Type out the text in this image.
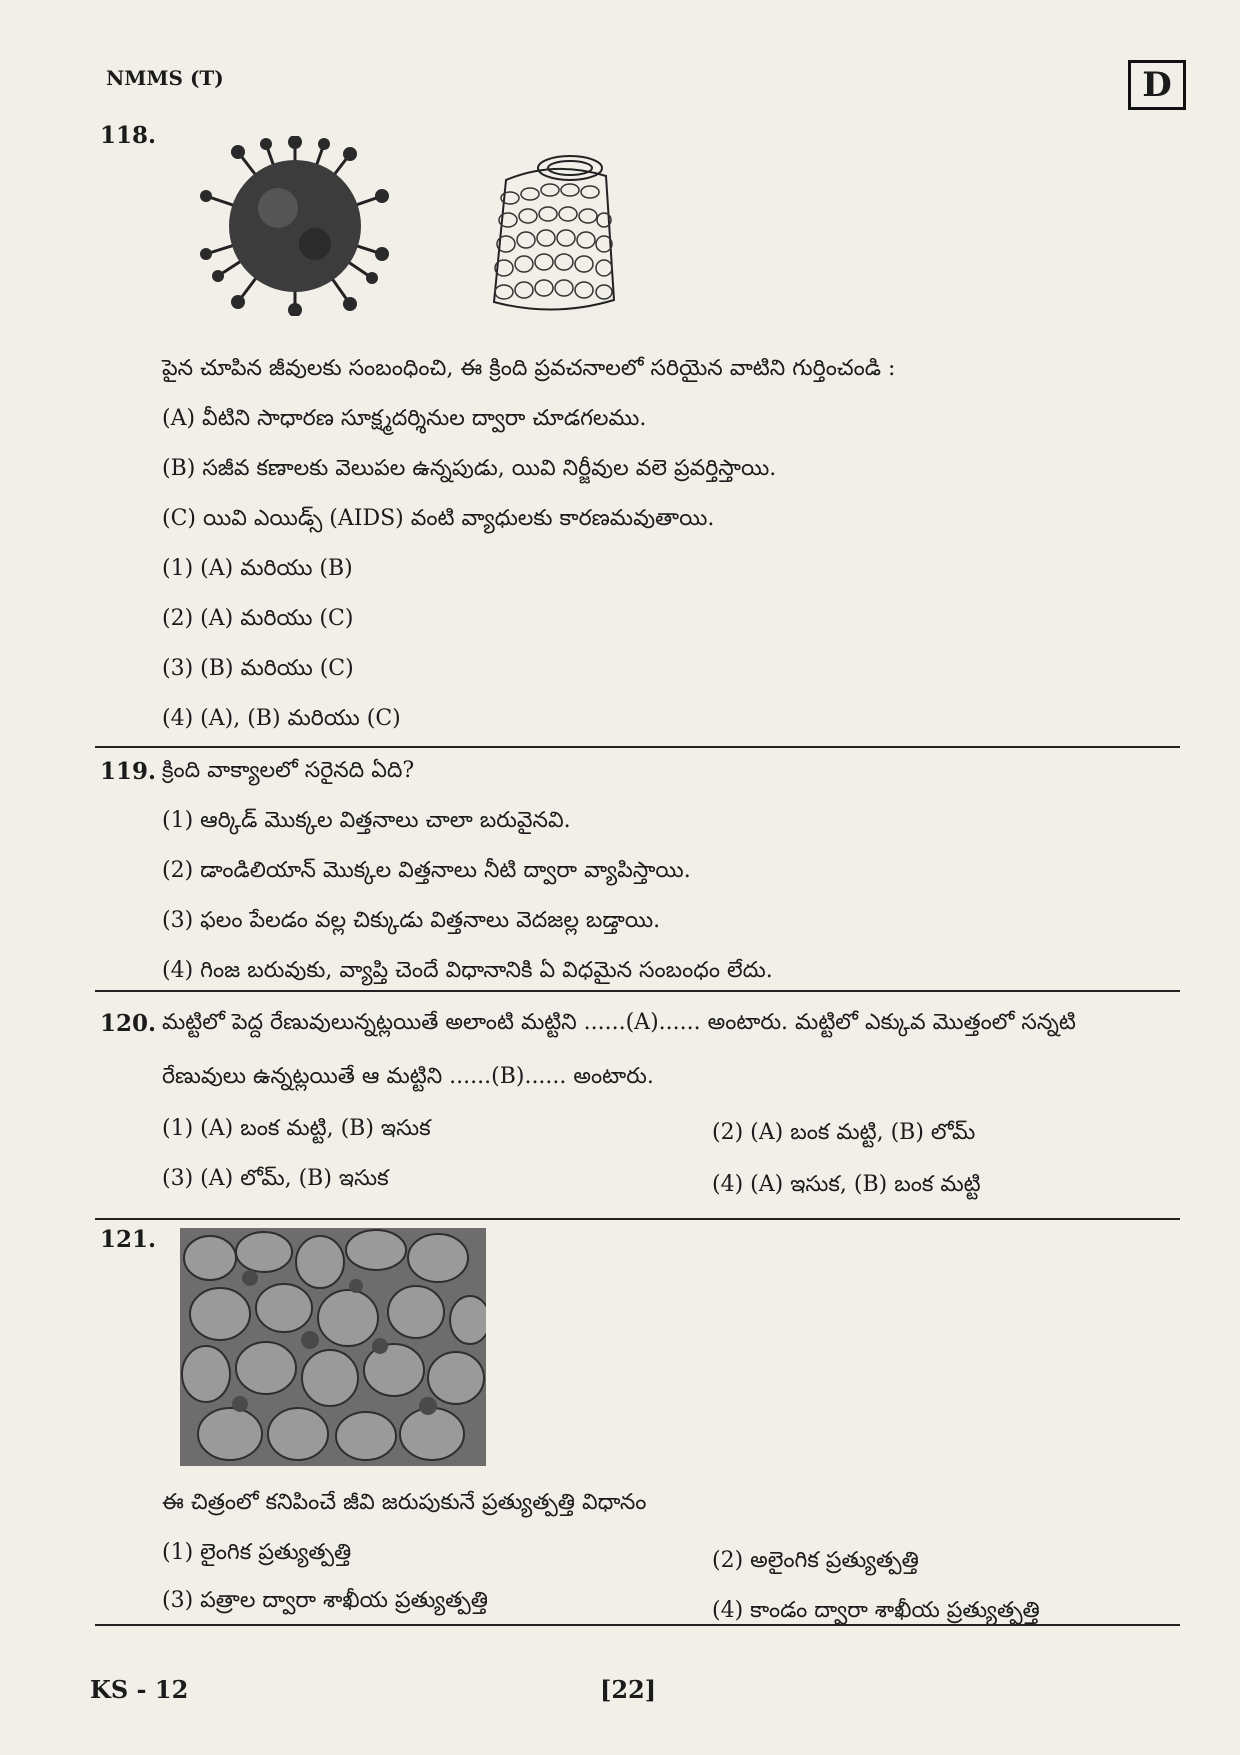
NMMS (T)	D
118.
పైన చూపిన జీవులకు సంబంధించి, ఈ క్రింది ప్రవచనాలలో సరియైన వాటిని గుర్తించండి :
(A) వీటిని సాధారణ సూక్ష్మదర్శినుల ద్వారా చూడగలము.
(B) సజీవ కణాలకు వెలుపల ఉన్నపుడు, యివి నిర్జీవుల వలె ప్రవర్తిస్తాయి.
(C) యివి ఎయిడ్స్ (AIDS) వంటి వ్యాధులకు కారణమవుతాయి.
(1) (A) మరియు (B)
(2) (A) మరియు (C)
(3) (B) మరియు (C)
(4) (A), (B) మరియు (C)
119. క్రింది వాక్యాలలో సరైనది ఏది?
(1) ఆర్కిడ్ మొక్కల విత్తనాలు చాలా బరువైనవి.
(2) డాండిలియాన్ మొక్కల విత్తనాలు నీటి ద్వారా వ్యాపిస్తాయి.
(3) ఫలం పేలడం వల్ల చిక్కుడు విత్తనాలు వెదజల్ల బడ్తాయి.
(4) గింజ బరువుకు, వ్యాప్తి చెందే విధానానికి ఏ విధమైన సంబంధం లేదు.
120. మట్టిలో పెద్ద రేణువులున్నట్లయితే అలాంటి మట్టిని ......(A)...... అంటారు. మట్టిలో ఎక్కువ మొత్తంలో సన్నటి
రేణువులు ఉన్నట్లయితే ఆ మట్టిని ......(B)...... అంటారు.
(1) (A) బంక మట్టి, (B) ఇసుక	(2) (A) బంక మట్టి, (B) లోమ్
(3) (A) లోమ్, (B) ఇసుక	(4) (A) ఇసుక, (B) బంక మట్టి
121.
ఈ చిత్రంలో కనిపించే జీవి జరుపుకునే ప్రత్యుత్పత్తి విధానం
(1) లైంగిక ప్రత్యుత్పత్తి	(2) అలైంగిక ప్రత్యుత్పత్తి
(3) పత్రాల ద్వారా శాఖీయ ప్రత్యుత్పత్తి	(4) కాండం ద్వారా శాఖీయ ప్రత్యుత్పత్తి
KS - 12	[22]
